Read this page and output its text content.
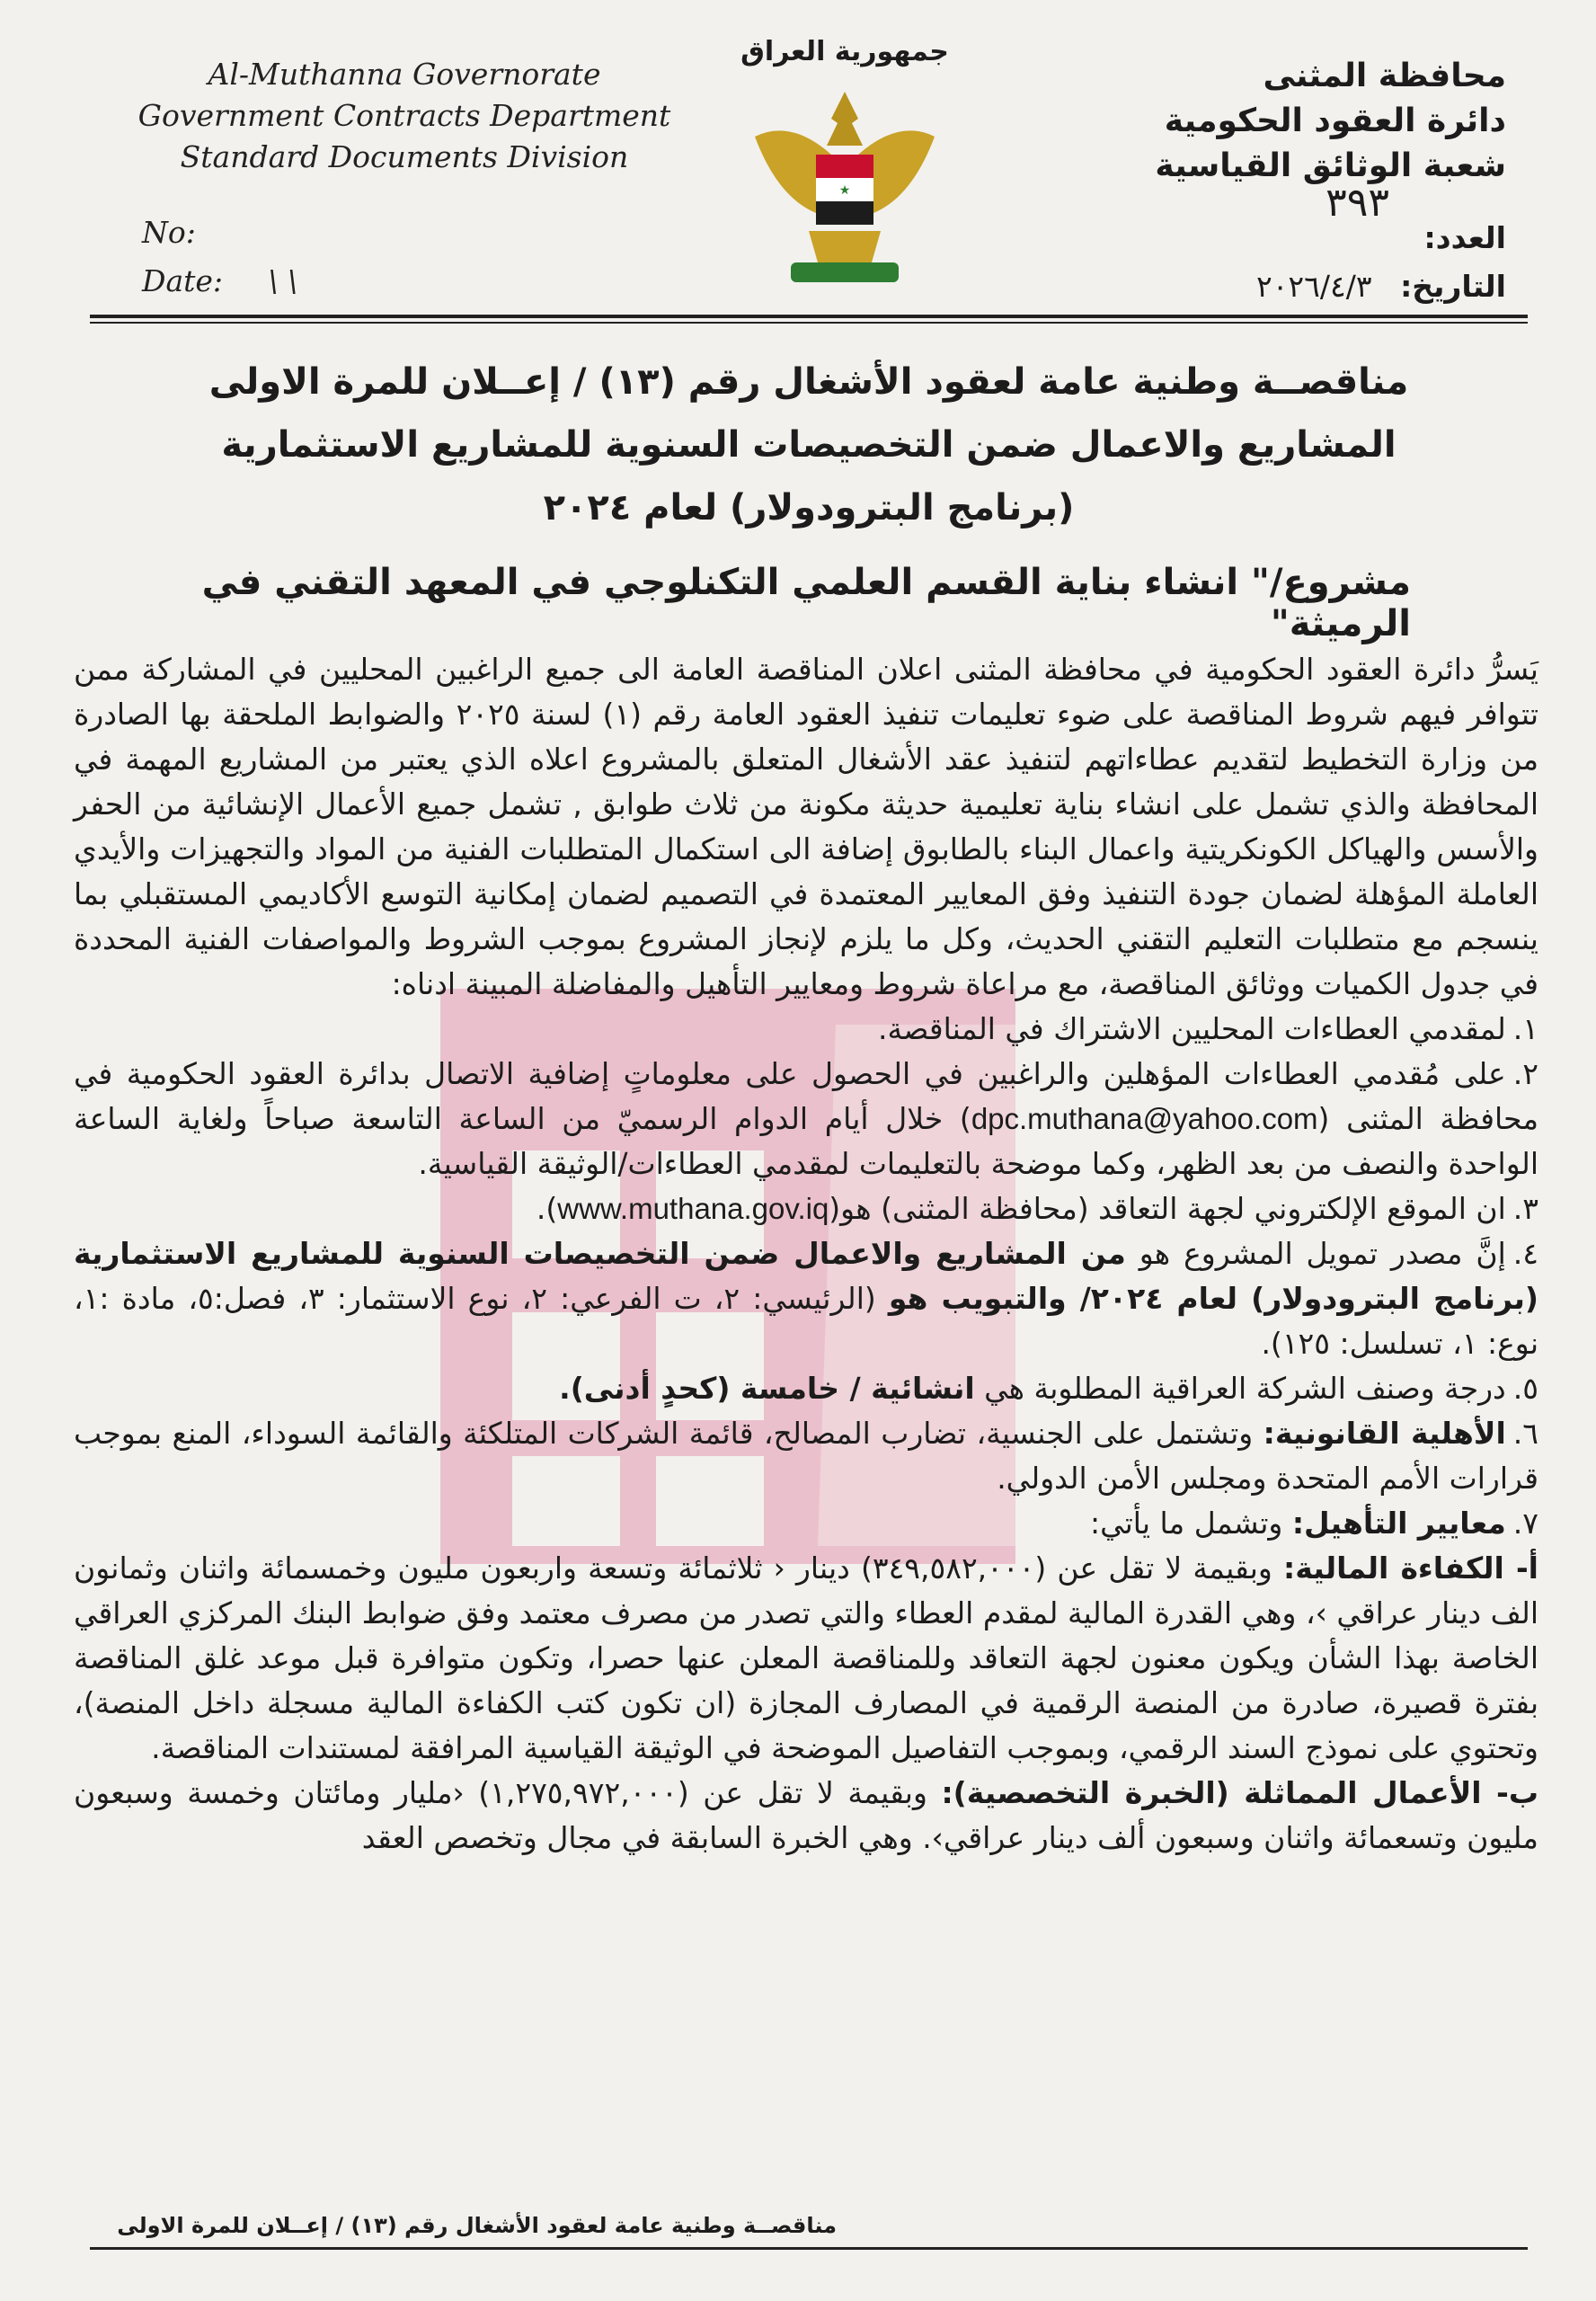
Al-Muthanna Governorate
Government Contracts Department
Standard Documents Division
No:
Date: \ \
جمهورية العراق
★
محافظة المثنى
دائرة العقود الحكومية
شعبة الوثائق القياسية
٣٩٣
العدد:
التاريخ: ٢٠٢٦/٤/٣
مناقصــة وطنية عامة لعقود الأشغال رقم (١٣) / إعــلان للمرة الاولى
المشاريع والاعمال ضمن التخصيصات السنوية للمشاريع الاستثمارية
(برنامج البترودولار) لعام ٢٠٢٤
مشروع/" انشاء بناية القسم العلمي التكنلوجي في المعهد التقني في الرميثة"

يَسرُّ دائرة العقود الحكومية في محافظة المثنى اعلان المناقصة العامة الى جميع الراغبين المحليين في المشاركة ممن تتوافر فيهم شروط المناقصة على ضوء تعليمات تنفيذ العقود العامة رقم (١) لسنة ٢٠٢٥ والضوابط الملحقة بها الصادرة من وزارة التخطيط لتقديم عطاءاتهم لتنفيذ عقد الأشغال المتعلق بالمشروع اعلاه الذي يعتبر من المشاريع المهمة في المحافظة والذي تشمل على انشاء بناية تعليمية حديثة مكونة من ثلاث طوابق , تشمل جميع الأعمال الإنشائية من الحفر والأسس والهياكل الكونكريتية واعمال البناء بالطابوق إضافة الى استكمال المتطلبات الفنية من المواد والتجهيزات والأيدي العاملة المؤهلة لضمان جودة التنفيذ وفق المعايير المعتمدة في التصميم لضمان إمكانية التوسع الأكاديمي المستقبلي بما ينسجم مع متطلبات التعليم التقني الحديث، وكل ما يلزم لإنجاز المشروع بموجب الشروط والمواصفات الفنية المحددة في جدول الكميات ووثائق المناقصة، مع مراعاة شروط ومعايير التأهيل والمفاضلة المبينة ادناه:

١.لمقدمي العطاءات المحليين الاشتراك في المناقصة.

٢.على مُقدمي العطاءات المؤهلين والراغبين في الحصول على معلوماتٍ إضافية الاتصال بدائرة العقود الحكومية في محافظة المثنى (dpc.muthana@yahoo.com) خلال أيام الدوام الرسميّ من الساعة التاسعة صباحاً ولغاية الساعة الواحدة والنصف من بعد الظهر، وكما موضحة بالتعليمات لمقدمي العطاءات/الوثيقة القياسية.

٣.ان الموقع الإلكتروني لجهة التعاقد (محافظة المثنى) هو(www.muthana.gov.iq).

٤.إنَّ مصدر تمويل المشروع هو من المشاريع والاعمال ضمن التخصيصات السنوية للمشاريع الاستثمارية (برنامج البترودولار) لعام ٢٠٢٤/ والتبويب هو (الرئيسي: ٢، ت الفرعي: ٢، نوع الاستثمار: ٣، فصل:٥، مادة :١، نوع: ١، تسلسل: ١٢٥).

٥.درجة وصنف الشركة العراقية المطلوبة هي انشائية / خامسة (كحدٍ أدنى).

٦.الأهلية القانونية: وتشتمل على الجنسية، تضارب المصالح، قائمة الشركات المتلكئة والقائمة السوداء، المنع بموجب قرارات الأمم المتحدة ومجلس الأمن الدولي.

٧.معايير التأهيل: وتشمل ما يأتي:

أ- الكفاءة المالية: وبقيمة لا تقل عن (٣٤٩,٥٨٢,٠٠٠) دينار ‹ ثلاثمائة وتسعة واربعون مليون وخمسمائة واثنان وثمانون الف دينار عراقي ›، وهي القدرة المالية لمقدم العطاء والتي تصدر من مصرف معتمد وفق ضوابط البنك المركزي العراقي الخاصة بهذا الشأن ويكون معنون لجهة التعاقد وللمناقصة المعلن عنها حصرا، وتكون متوافرة قبل موعد غلق المناقصة بفترة قصيرة، صادرة من المنصة الرقمية في المصارف المجازة (ان تكون كتب الكفاءة المالية مسجلة داخل المنصة)، وتحتوي على نموذج السند الرقمي، وبموجب التفاصيل الموضحة في الوثيقة القياسية المرافقة لمستندات المناقصة.

ب- الأعمال المماثلة (الخبرة التخصصية): وبقيمة لا تقل عن (١,٢٧٥,٩٧٢,٠٠٠) ‹مليار ومائتان وخمسة وسبعون مليون وتسعمائة واثنان وسبعون ألف دينار عراقي›. وهي الخبرة السابقة في مجال وتخصص العقد

مناقصــة وطنية عامة لعقود الأشغال رقم (١٣) / إعــلان للمرة الاولى
